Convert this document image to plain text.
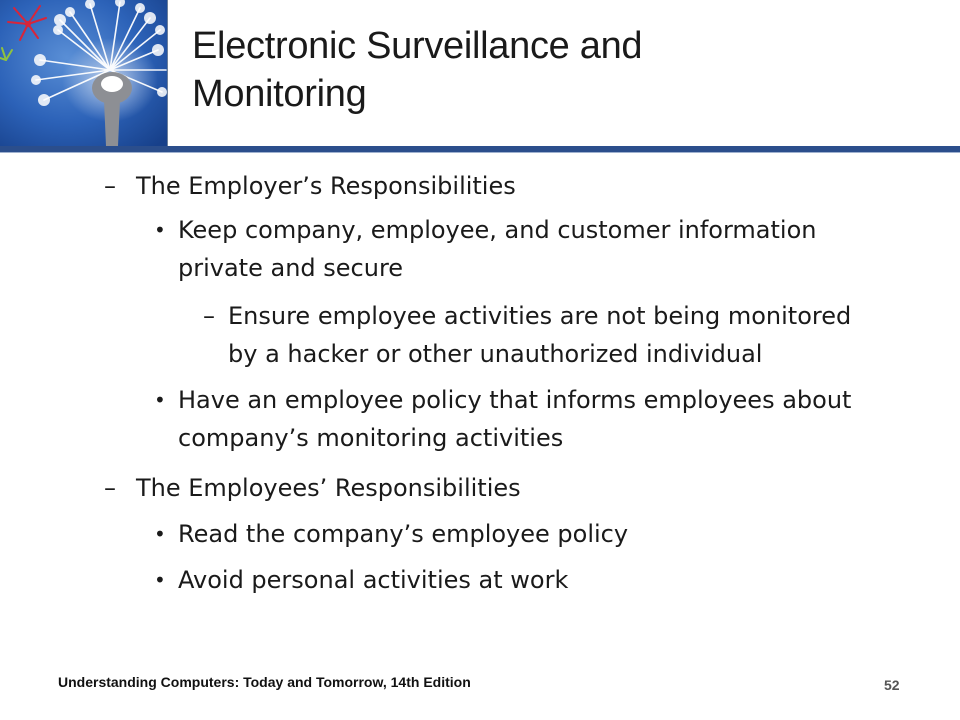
Electronic Surveillance and
Monitoring
– The Employer’s Responsibilities
• Keep company, employee, and customer information
private and secure
– Ensure employee activities are not being monitored
by a hacker or other unauthorized individual
• Have an employee policy that informs employees about
company’s monitoring activities
– The Employees’ Responsibilities
• Read the company’s employee policy
• Avoid personal activities at work
Understanding Computers: Today and Tomorrow, 14th Edition	52
